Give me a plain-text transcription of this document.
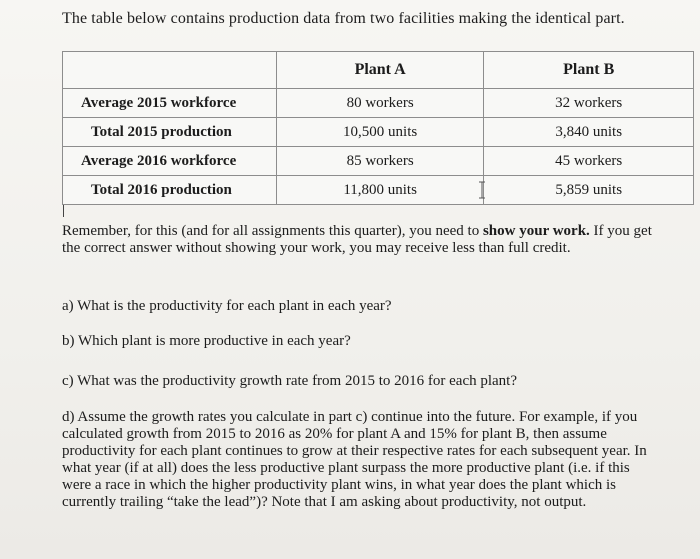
The table below contains production data from two facilities making the identical part.
	Plant A	Plant B
Average 2015 workforce	80 workers	32 workers
Total 2015 production	10,500 units	3,840 units
Average 2016 workforce	85 workers	45 workers
Total 2016 production	11,800 units	5,859 units
Remember, for this (and for all assignments this quarter), you need to show your work. If you get the correct answer without showing your work, you may receive less than full credit.
a) What is the productivity for each plant in each year?
b) Which plant is more productive in each year?
c) What was the productivity growth rate from 2015 to 2016 for each plant?
d) Assume the growth rates you calculate in part c) continue into the future. For example, if you calculated growth from 2015 to 2016 as 20% for plant A and 15% for plant B, then assume productivity for each plant continues to grow at their respective rates for each subsequent year. In what year (if at all) does the less productive plant surpass the more productive plant (i.e. if this were a race in which the higher productivity plant wins, in what year does the plant which is currently trailing “take the lead”)? Note that I am asking about productivity, not output.
